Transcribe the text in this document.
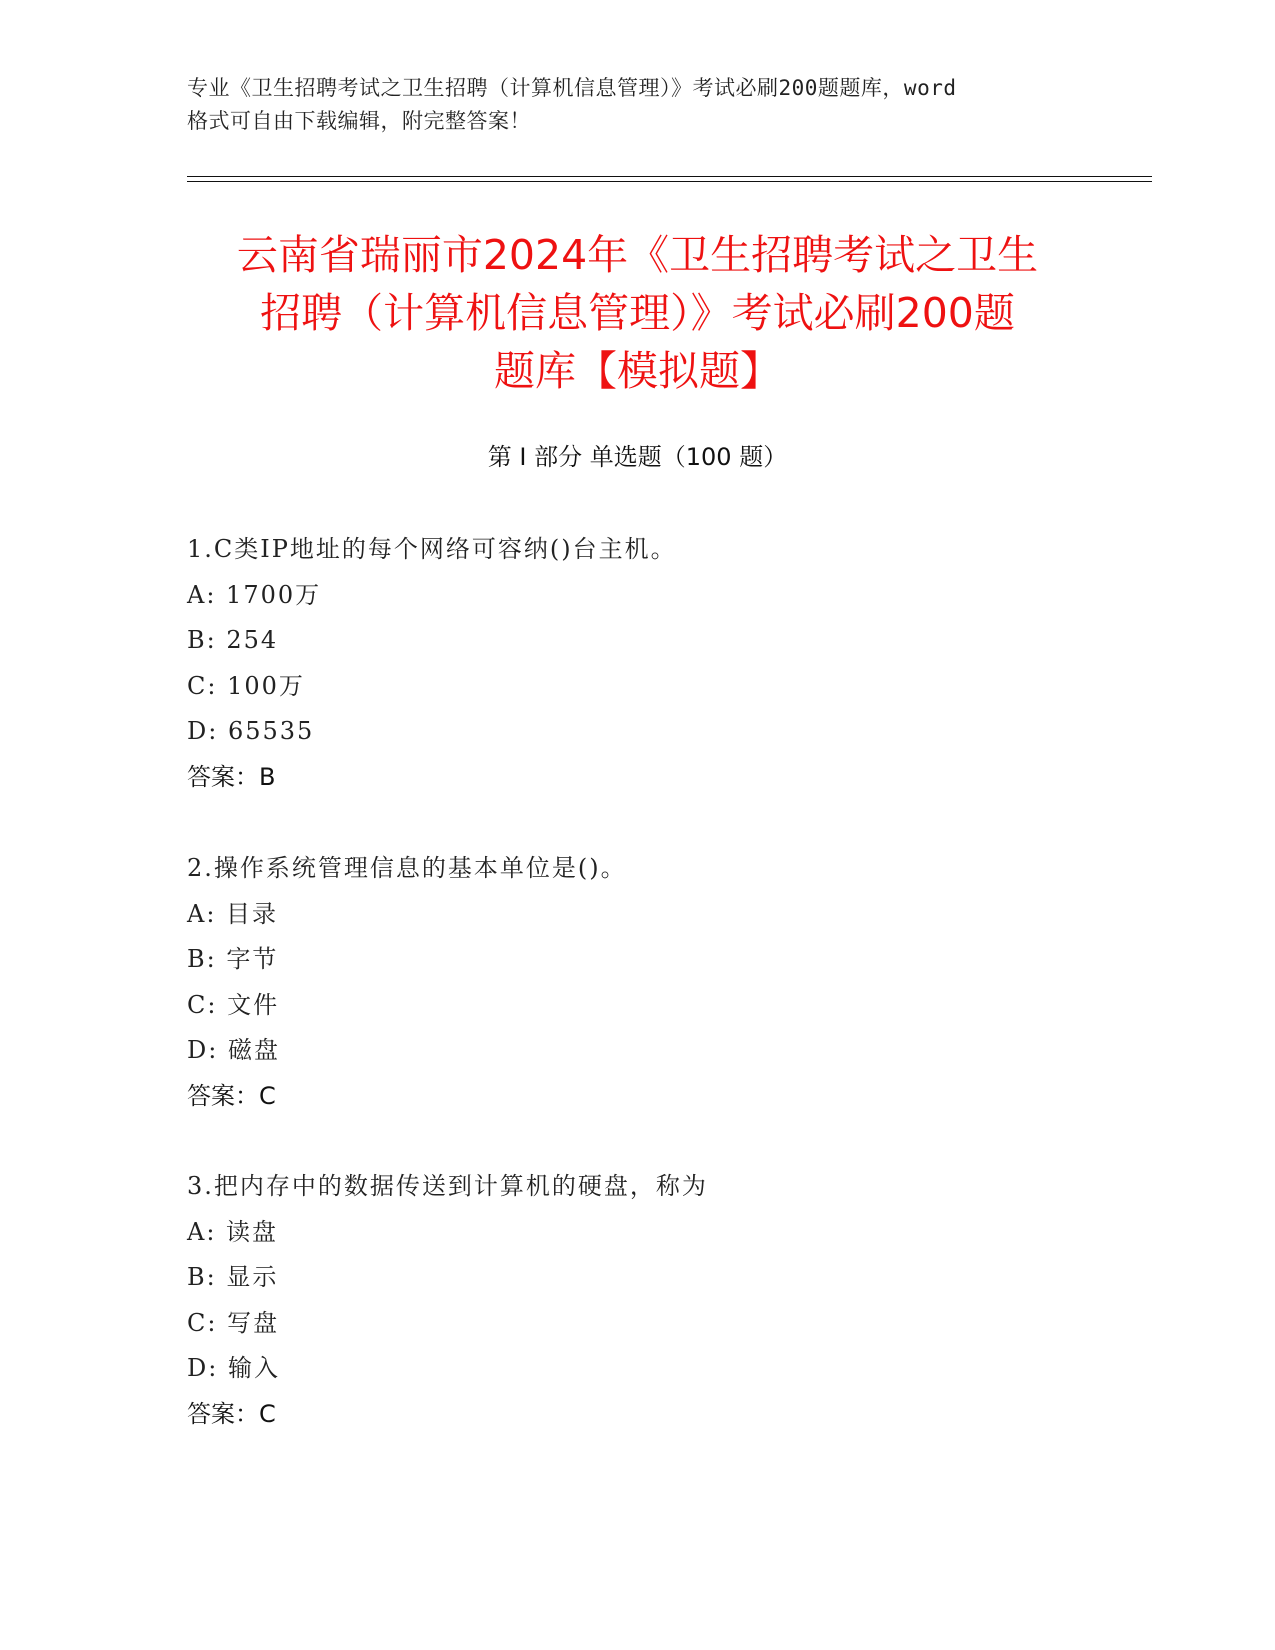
专业《卫生招聘考试之卫生招聘（计算机信息管理）》考试必刷200题题库，word
格式可自由下载编辑，附完整答案！
云南省瑞丽市2024年《卫生招聘考试之卫生
招聘（计算机信息管理）》考试必刷200题
题库【模拟题】
第 I 部分 单选题（100 题）
1.C类IP地址的每个网络可容纳()台主机。
A: 1700万
B: 254
C: 100万
D: 65535
答案：B
2.操作系统管理信息的基本单位是()。
A: 目录
B: 字节
C: 文件
D: 磁盘
答案：C
3.把内存中的数据传送到计算机的硬盘，称为
A: 读盘
B: 显示
C: 写盘
D: 输入
答案：C
